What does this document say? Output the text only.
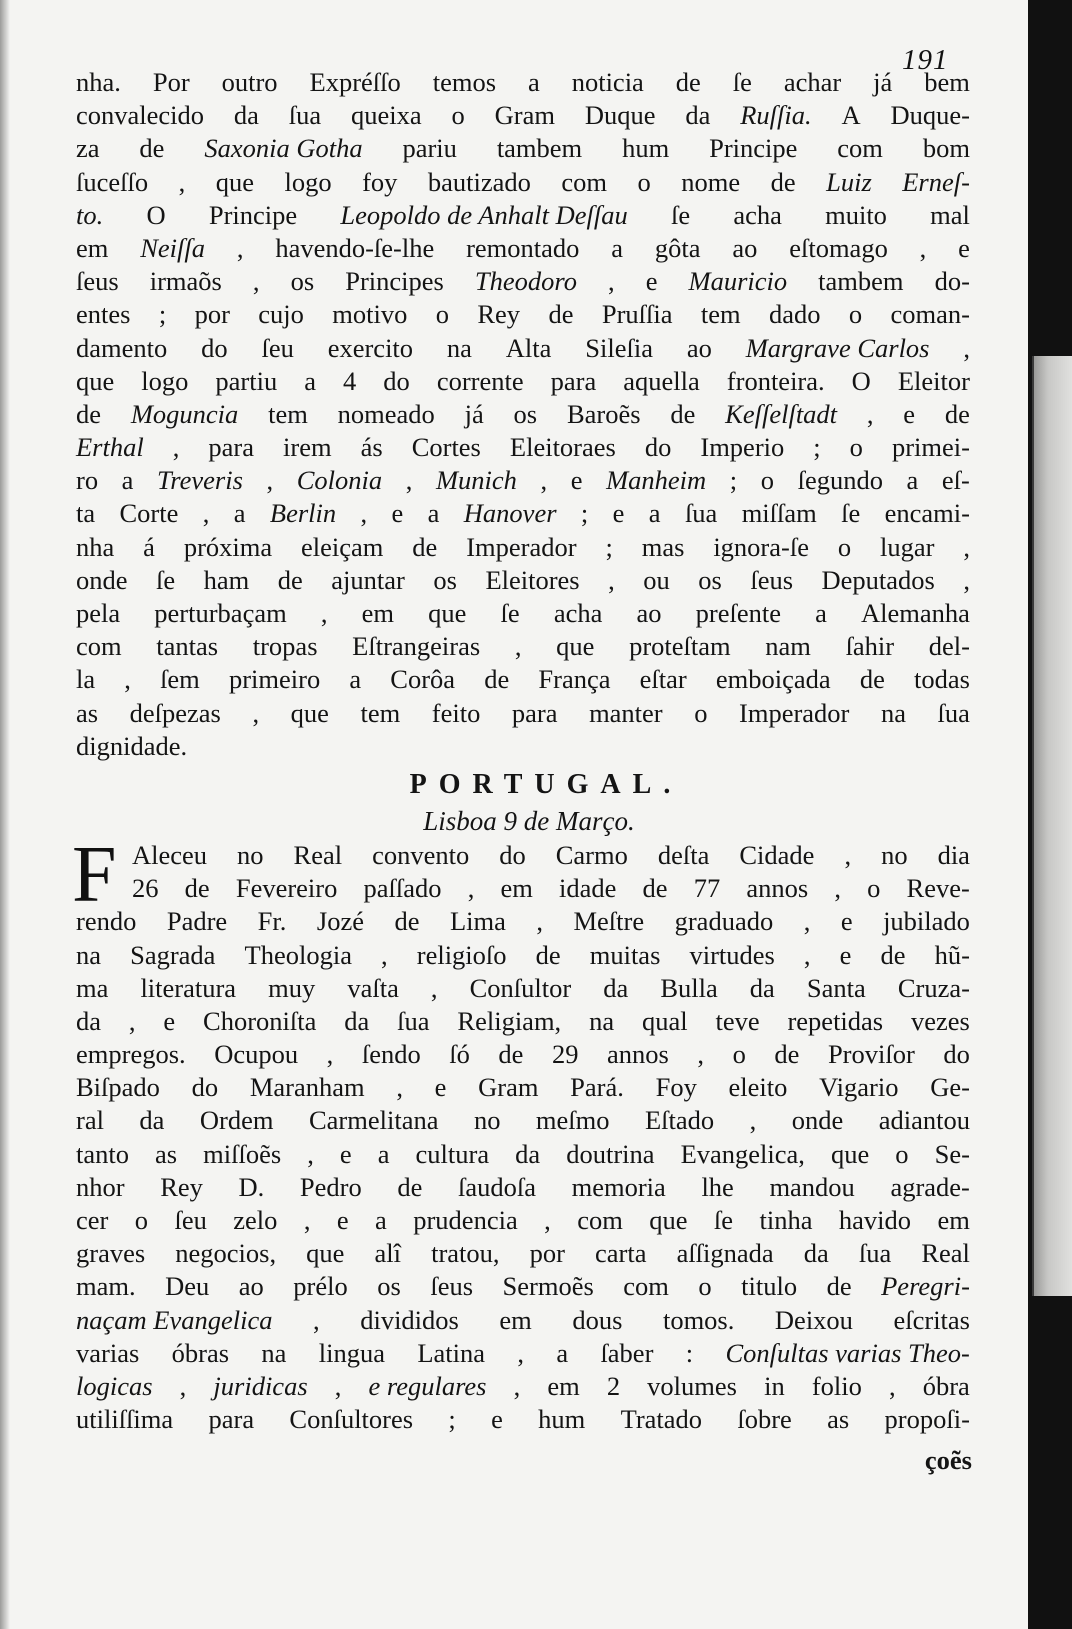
191
nha. Por outro Expréſſo temos a noticia de ſe achar já bem
convalecido da ſua queixa o Gram Duque da Ruſſia. A Duque-
za de Saxonia Gotha pariu tambem hum Principe com bom
ſuceſſo , que logo foy bautizado com o nome de Luiz Erneſ-
to. O Principe Leopoldo de Anhalt Deſſau ſe acha muito mal
em Neiſſa , havendo-ſe-lhe remontado a gôta ao eſtomago , e
ſeus irmaõs , os Principes Theodoro , e Mauricio tambem do-
entes ; por cujo motivo o Rey de Pruſſia tem dado o coman-
damento do ſeu exercito na Alta Sileſia ao Margrave Carlos ,
que logo partiu a 4 do corrente para aquella fronteira. O Eleitor
de Moguncia tem nomeado já os Baroẽs de Keſſelſtadt , e de
Erthal , para irem ás Cortes Eleitoraes do Imperio ; o primei-
ro a Treveris , Colonia , Munich , e Manheim ; o ſegundo a eſ-
ta Corte , a Berlin , e a Hanover ; e a ſua miſſam ſe encami-
nha á próxima eleiçam de Imperador ; mas ignora-ſe o lugar ,
onde ſe ham de ajuntar os Eleitores , ou os ſeus Deputados ,
pela perturbaçam , em que ſe acha ao preſente a Alemanha
com tantas tropas Eſtrangeiras , que proteſtam nam ſahir del-
la , ſem primeiro a Corôa de França eſtar emboiçada de todas
as deſpezas , que tem feito para manter o Imperador na ſua
dignidade.
PORTUGAL.
Lisboa 9 de Março.
F Aleceu no Real convento do Carmo deſta Cidade , no dia
26 de Fevereiro paſſado , em idade de 77 annos , o Reve-
rendo Padre Fr. Jozé de Lima , Meſtre graduado , e jubilado
na Sagrada Theologia , religioſo de muitas virtudes , e de hũ-
ma literatura muy vaſta , Conſultor da Bulla da Santa Cruza-
da , e Choroniſta da ſua Religiam, na qual teve repetidas vezes
empregos. Ocupou , ſendo ſó de 29 annos , o de Proviſor do
Biſpado do Maranham , e Gram Pará. Foy eleito Vigario Ge-
ral da Ordem Carmelitana no meſmo Eſtado , onde adiantou
tanto as miſſoẽs , e a cultura da doutrina Evangelica, que o Se-
nhor Rey D. Pedro de ſaudoſa memoria lhe mandou agrade-
cer o ſeu zelo , e a prudencia , com que ſe tinha havido em
graves negocios, que alî tratou, por carta aſſignada da ſua Real
mam. Deu ao prélo os ſeus Sermoẽs com o titulo de Peregri-
naçam Evangelica , divididos em dous tomos. Deixou eſcritas
varias óbras na lingua Latina , a ſaber : Conſultas varias Theo-
logicas , juridicas , e regulares , em 2 volumes in folio , óbra
utiliſſima para Conſultores ; e hum Tratado ſobre as propoſi-
çoẽs
